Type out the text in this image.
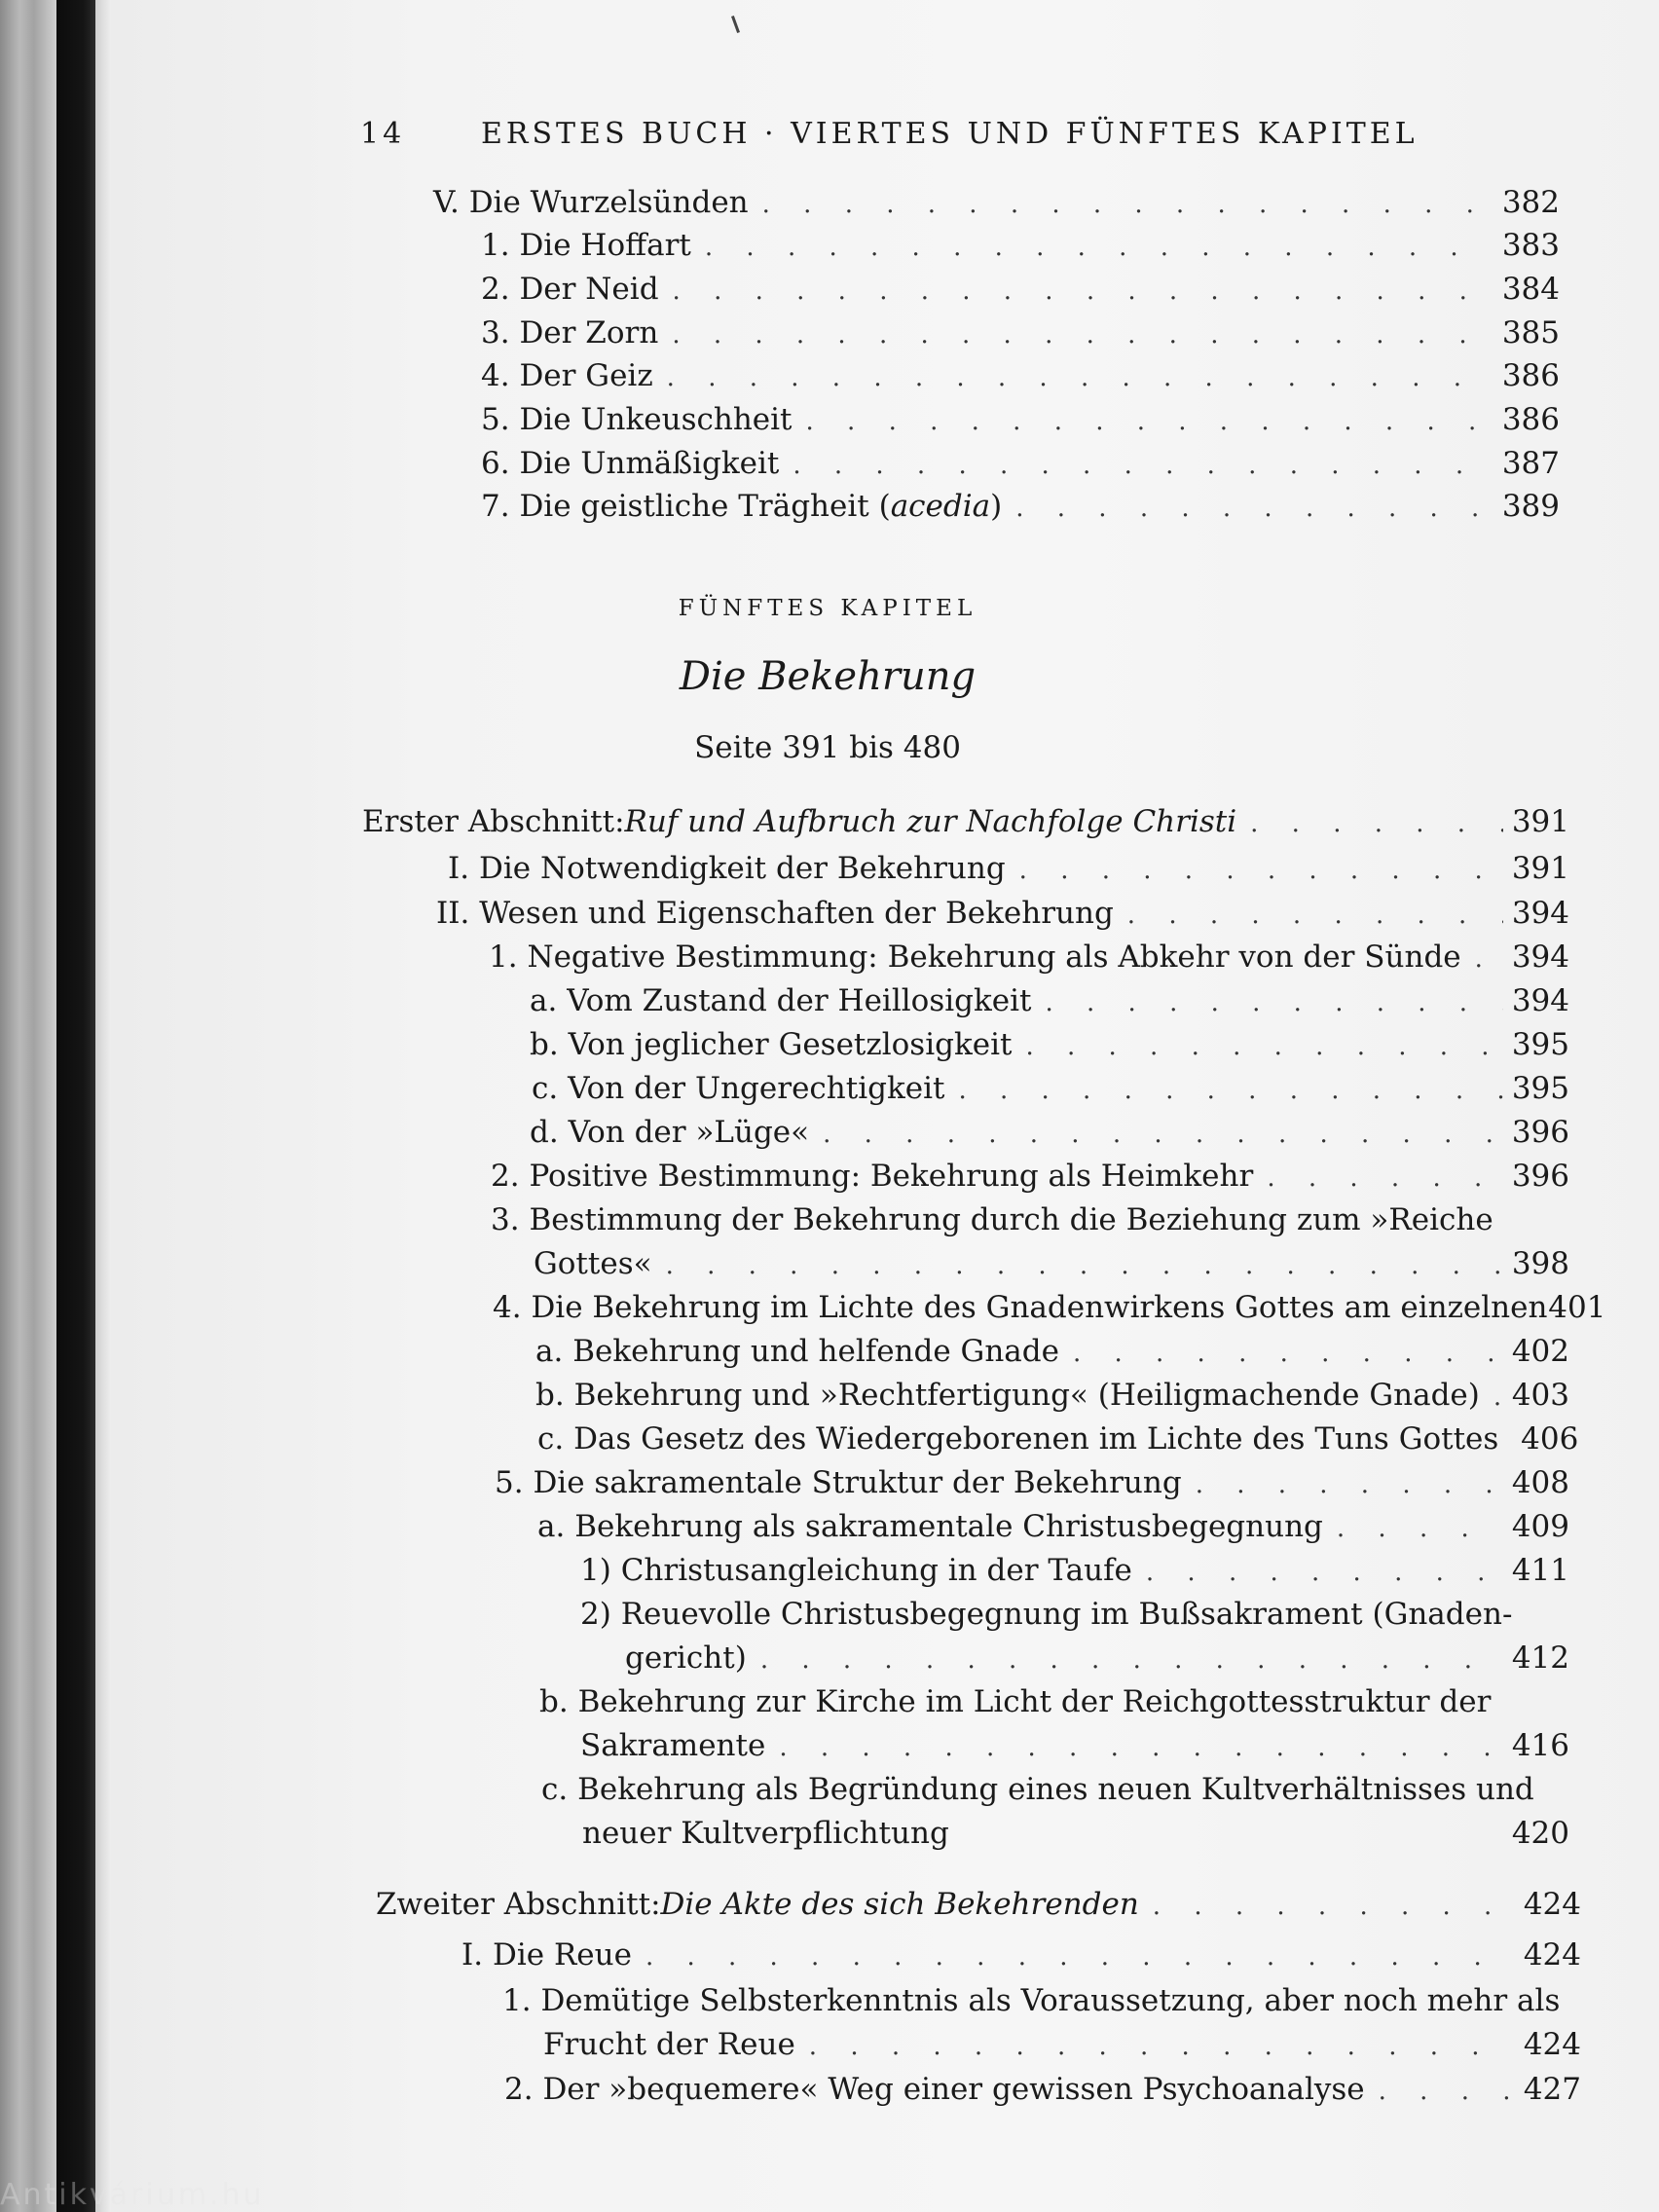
14	ERSTES BUCH · VIERTES UND FÜNFTES KAPITEL
V.
Die Wurzelsünden . . .	382
1.
Die Hoffart . . .	383
2.
Der Neid . . .	384
3.
Der Zorn . . .	385
4.
Der Geiz . . .	386
5.
Die Unkeuschheit . . .	386
6.
Die Unmäßigkeit . . .	387
7.
Die geistliche Trägheit (acedia) . . .	389
FÜNFTES KAPITEL
Die Bekehrung
Seite 391 bis 480
Erster Abschnitt: Ruf und Aufbruch zur Nachfolge Christi . . .	391
I.
Die Notwendigkeit der Bekehrung . . .	391
II.
Wesen und Eigenschaften der Bekehrung . . .	394
1.
Negative Bestimmung: Bekehrung als Abkehr von der Sünde . . . 394
a.
Vom Zustand der Heillosigkeit . . .	394
b.
Von jeglicher Gesetzlosigkeit . . .	395
c.
Von der Ungerechtigkeit . . .	395
d.
Von der »Lüge« . . .	396
2.
Positive Bestimmung: Bekehrung als Heimkehr . . .	396
3. Bestimmung der Bekehrung durch die Beziehung zum »Reiche
Gottes« . . .	398
4.
Die Bekehrung im Lichte des Gnadenwirkens Gottes am einzelnen 401
a.
Bekehrung und helfende Gnade . . .	402
b.
Bekehrung und »Rechtfertigung« (Heiligmachende Gnade) . . . 403
c.
Das Gesetz des Wiedergeborenen im Lichte des Tuns Gottes 406
5.
Die sakramentale Struktur der Bekehrung . . .	408
a.
Bekehrung als sakramentale Christusbegegnung . . .	409
1)
Christusangleichung in der Taufe . . .	411
2) Reuevolle Christusbegegnung im Bußsakrament (Gnaden-
gericht) . . .	412
b. Bekehrung zur Kirche im Licht der Reichgottesstruktur der
Sakramente . . .	416
c. Bekehrung als Begründung eines neuen Kultverhältnisses und
neuer Kultverpflichtung	420
Zweiter Abschnitt: Die Akte des sich Bekehrenden . . .	424
I.
Die Reue . . .	424
1. Demütige Selbsterkenntnis als Voraussetzung, aber noch mehr als
Frucht der Reue . . .	424
2.
Der »bequemere« Weg einer gewissen Psychoanalyse . . .	427
Antikvárium.hu
